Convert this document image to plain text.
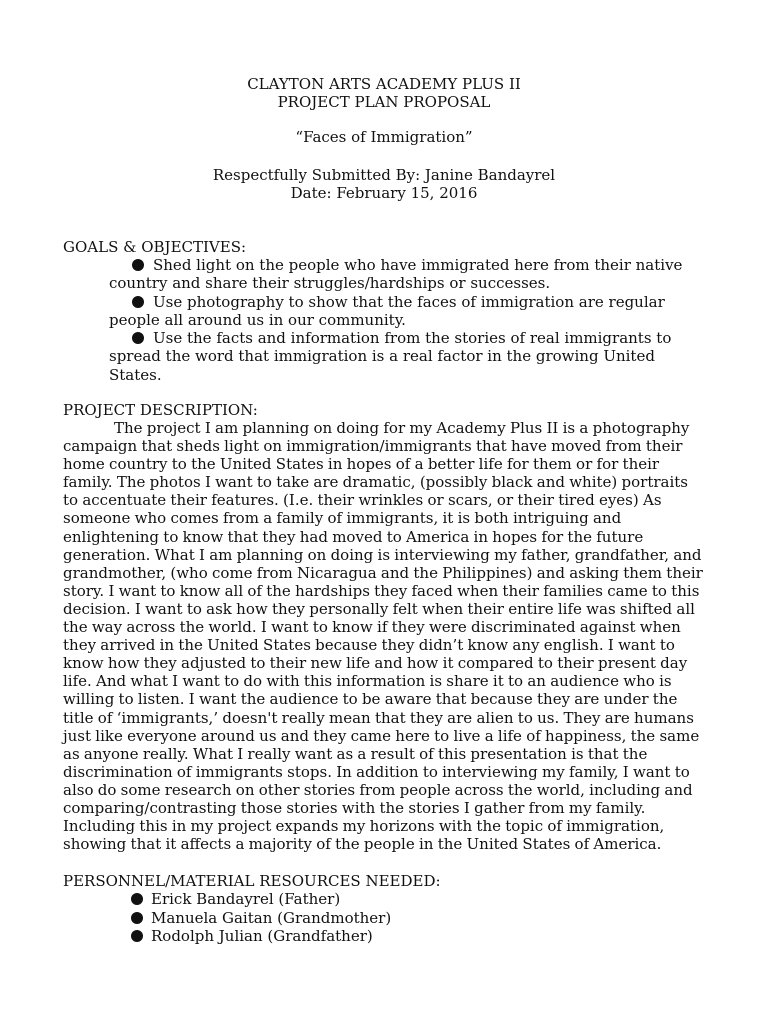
CLAYTON ARTS ACADEMY PLUS II
PROJECT PLAN PROPOSAL
“Faces of Immigration”
Respectfully Submitted By: Janine Bandayrel
Date: February 15, 2016
GOALS & OBJECTIVES:
Shed light on the people who have immigrated here from their native country and share their struggles/hardships or successes.
Use photography to show that the faces of immigration are regular people all around us in our community.
Use the facts and information from the stories of real immigrants to spread the word that immigration is a real factor in the growing United States.
PROJECT DESCRIPTION:
The project I am planning on doing for my Academy Plus II is a photography campaign that sheds light on immigration/immigrants that have moved from their home country to the United States in hopes of a better life for them or for their family. The photos I want to take are dramatic, (possibly black and white) portraits to accentuate their features. (I.e. their wrinkles or scars, or their tired eyes) As someone who comes from a family of immigrants, it is both intriguing and enlightening to know that they had moved to America in hopes for the future generation. What I am planning on doing is interviewing my father, grandfather, and grandmother, (who come from Nicaragua and the Philippines) and asking them their story. I want to know all of the hardships they faced when their families came to this decision. I want to ask how they personally felt when their entire life was shifted all the way across the world. I want to know if they were discriminated against when they arrived in the United States because they didn’t know any english. I want to know how they adjusted to their new life and how it compared to their present day life. And what I want to do with this information is share it to an audience who is willing to listen. I want the audience to be aware that because they are under the title of ‘immigrants,’ doesn't really mean that they are alien to us. They are humans just like everyone around us and they came here to live a life of happiness, the same as anyone really. What I really want as a result of this presentation is that the discrimination of immigrants stops. In addition to interviewing my family, I want to also do some research on other stories from people across the world, including and comparing/contrasting those stories with the stories I gather from my family. Including this in my project expands my horizons with the topic of immigration, showing that it affects a majority of the people in the United States of America.
PERSONNEL/MATERIAL RESOURCES NEEDED:
Erick Bandayrel (Father)
Manuela Gaitan (Grandmother)
Rodolph Julian (Grandfather)
